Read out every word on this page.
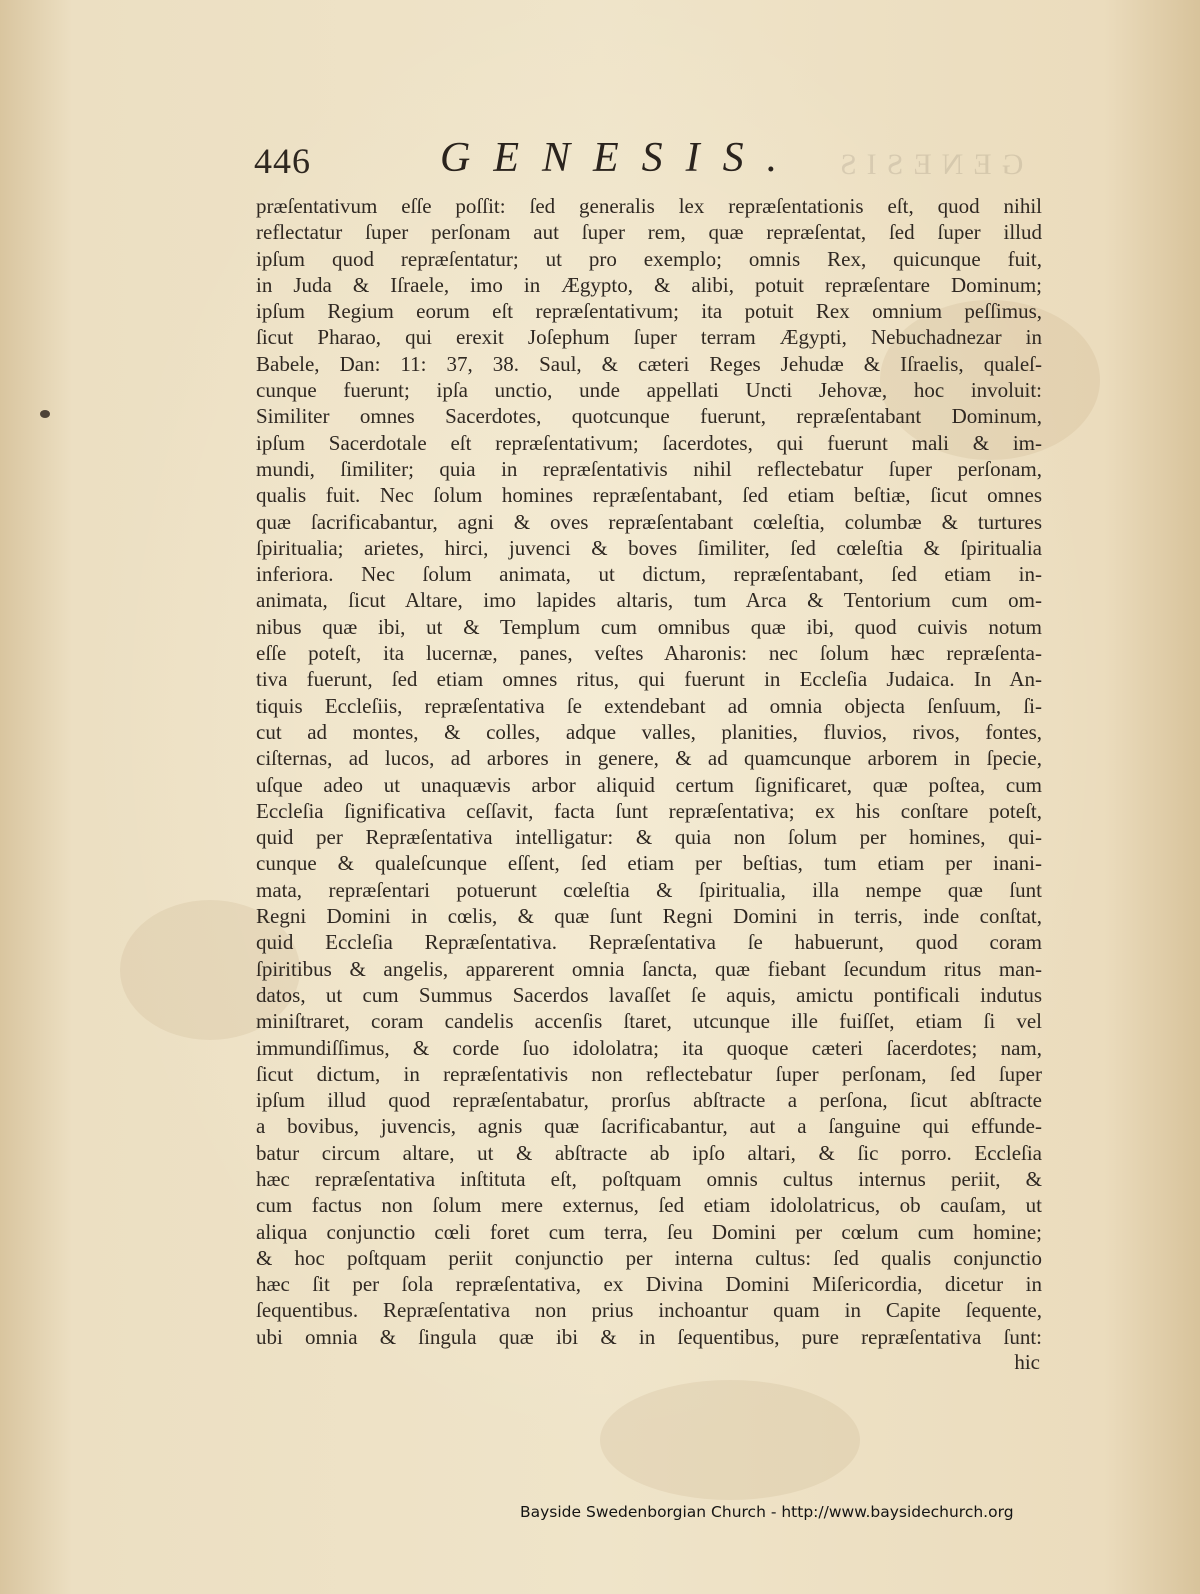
446	GENESIS. GENESIS
præſentativum eſſe poſſit: ſed generalis lex repræſentationis eſt, quod nihil
reflectatur ſuper perſonam aut ſuper rem, quæ repræſentat, ſed ſuper illud
ipſum quod repræſentatur; ut pro exemplo; omnis Rex, quicunque fuit,
in Juda & Iſraele, imo in Ægypto, & alibi, potuit repræſentare Dominum;
ipſum Regium eorum eſt repræſentativum; ita potuit Rex omnium peſſimus,
ſicut Pharao, qui erexit Joſephum ſuper terram Ægypti, Nebuchadnezar in
Babele, Dan: 11: 37, 38. Saul, & cæteri Reges Jehudæ & Iſraelis, qualeſ-
cunque fuerunt; ipſa unctio, unde appellati Uncti Jehovæ, hoc involuit:
Similiter omnes Sacerdotes, quotcunque fuerunt, repræſentabant Dominum,
ipſum Sacerdotale eſt repræſentativum; ſacerdotes, qui fuerunt mali & im-
mundi, ſimiliter; quia in repræſentativis nihil reflectebatur ſuper perſonam,
qualis fuit. Nec ſolum homines repræſentabant, ſed etiam beſtiæ, ſicut omnes
quæ ſacrificabantur, agni & oves repræſentabant cœleſtia, columbæ & turtures
ſpiritualia; arietes, hirci, juvenci & boves ſimiliter, ſed cœleſtia & ſpiritualia
inferiora. Nec ſolum animata, ut dictum, repræſentabant, ſed etiam in-
animata, ſicut Altare, imo lapides altaris, tum Arca & Tentorium cum om-
nibus quæ ibi, ut & Templum cum omnibus quæ ibi, quod cuivis notum
eſſe poteſt, ita lucernæ, panes, veſtes Aharonis: nec ſolum hæc repræſenta-
tiva fuerunt, ſed etiam omnes ritus, qui fuerunt in Eccleſia Judaica. In An-
tiquis Eccleſiis, repræſentativa ſe extendebant ad omnia objecta ſenſuum, ſi-
cut ad montes, & colles, adque valles, planities, fluvios, rivos, fontes,
ciſternas, ad lucos, ad arbores in genere, & ad quamcunque arborem in ſpecie,
uſque adeo ut unaquævis arbor aliquid certum ſignificaret, quæ poſtea, cum
Eccleſia ſignificativa ceſſavit, facta ſunt repræſentativa; ex his conſtare poteſt,
quid per Repræſentativa intelligatur: & quia non ſolum per homines, qui-
cunque & qualeſcunque eſſent, ſed etiam per beſtias, tum etiam per inani-
mata, repræſentari potuerunt cœleſtia & ſpiritualia, illa nempe quæ ſunt
Regni Domini in cœlis, & quæ ſunt Regni Domini in terris, inde conſtat,
quid Eccleſia Repræſentativa. Repræſentativa ſe habuerunt, quod coram
ſpiritibus & angelis, apparerent omnia ſancta, quæ fiebant ſecundum ritus man-
datos, ut cum Summus Sacerdos lavaſſet ſe aquis, amictu pontificali indutus
miniſtraret, coram candelis accenſis ſtaret, utcunque ille fuiſſet, etiam ſi vel
immundiſſimus, & corde ſuo idololatra; ita quoque cæteri ſacerdotes; nam,
ſicut dictum, in repræſentativis non reflectebatur ſuper perſonam, ſed ſuper
ipſum illud quod repræſentabatur, prorſus abſtracte a perſona, ſicut abſtracte
a bovibus, juvencis, agnis quæ ſacrificabantur, aut a ſanguine qui effunde-
batur circum altare, ut & abſtracte ab ipſo altari, & ſic porro. Eccleſia
hæc repræſentativa inſtituta eſt, poſtquam omnis cultus internus periit, &
cum factus non ſolum mere externus, ſed etiam idololatricus, ob cauſam, ut
aliqua conjunctio cœli foret cum terra, ſeu Domini per cœlum cum homine;
& hoc poſtquam periit conjunctio per interna cultus: ſed qualis conjunctio
hæc ſit per ſola repræſentativa, ex Divina Domini Miſericordia, dicetur in
ſequentibus. Repræſentativa non prius inchoantur quam in Capite ſequente,
ubi omnia & ſingula quæ ibi & in ſequentibus, pure repræſentativa ſunt:
hic
Bayside Swedenborgian Church - http://www.baysidechurch.org
